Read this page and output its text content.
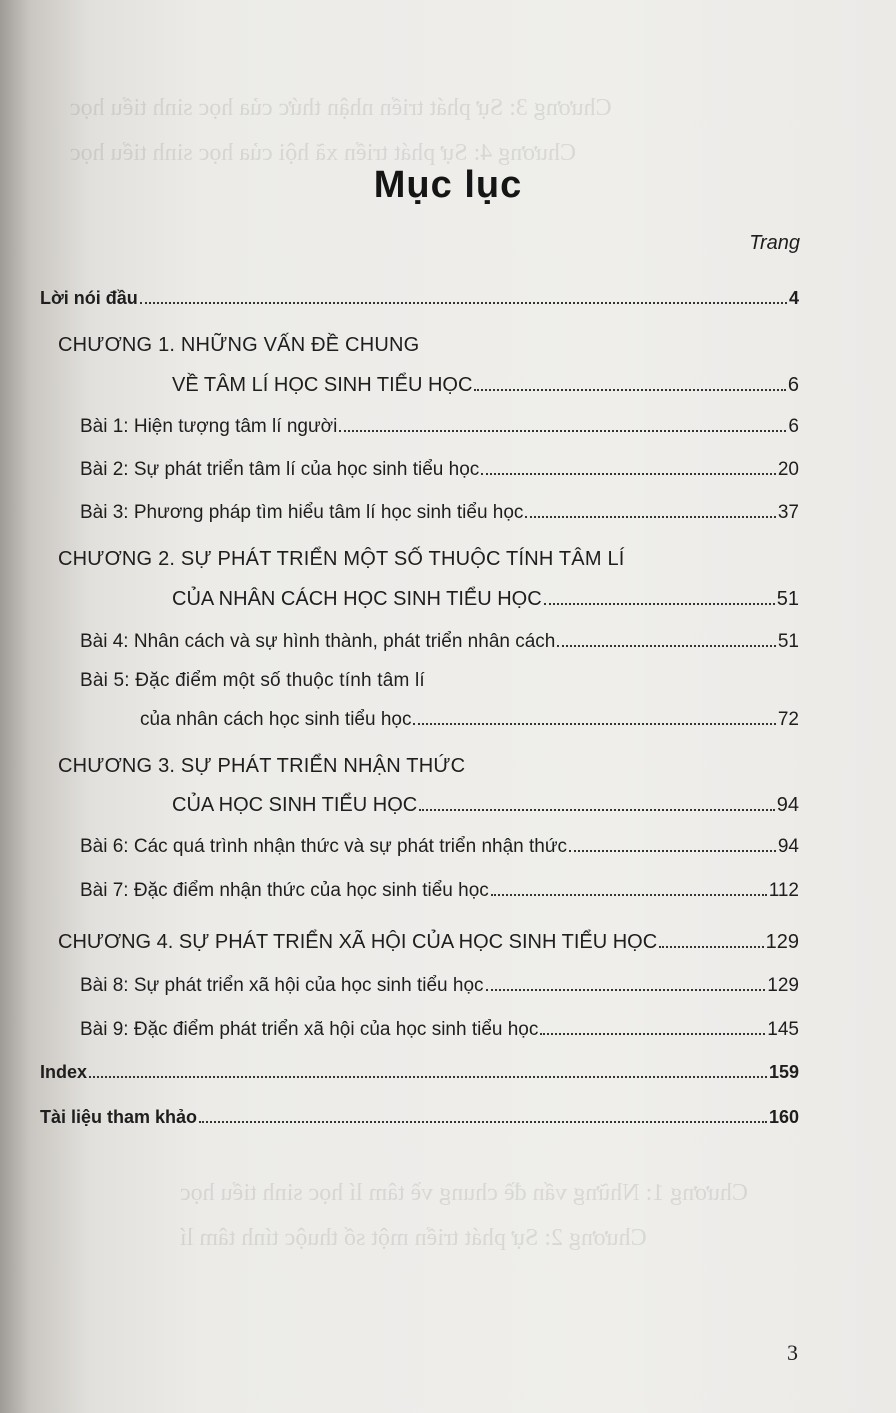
Chương 3: Sự phát triển nhận thức của học sinh tiểu học
Chương 4: Sự phát triển xã hội của học sinh tiểu học
Chương 1: Những vấn đề chung về tâm lí học sinh tiểu học
Chương 2: Sự phát triển một số thuộc tính tâm lí
Mục lục
Trang
Lời nói đầu	4
CHƯƠNG 1. NHỮNG VẤN ĐỀ CHUNG
VỀ TÂM LÍ HỌC SINH TIỂU HỌC	6
Bài 1: Hiện tượng tâm lí người	6
Bài 2: Sự phát triển tâm lí của học sinh tiểu học	20
Bài 3: Phương pháp tìm hiểu tâm lí học sinh tiểu học	37
CHƯƠNG 2. SỰ PHÁT TRIỂN MỘT SỐ THUỘC TÍNH TÂM LÍ
CỦA NHÂN CÁCH HỌC SINH TIỂU HỌC	51
Bài 4: Nhân cách và sự hình thành, phát triển nhân cách	51
Bài 5: Đặc điểm một số thuộc tính tâm lí
của nhân cách học sinh tiểu học	72
CHƯƠNG 3. SỰ PHÁT TRIỂN NHẬN THỨC
CỦA HỌC SINH TIỂU HỌC	94
Bài 6: Các quá trình nhận thức và sự phát triển nhận thức	94
Bài 7: Đặc điểm nhận thức của học sinh tiểu học	112
CHƯƠNG 4. SỰ PHÁT TRIỂN XÃ HỘI CỦA HỌC SINH TIỂU HỌC	129
Bài 8: Sự phát triển xã hội của học sinh tiểu học	129
Bài 9: Đặc điểm phát triển xã hội của học sinh tiểu học	145
Index	159
Tài liệu tham khảo	160
3
